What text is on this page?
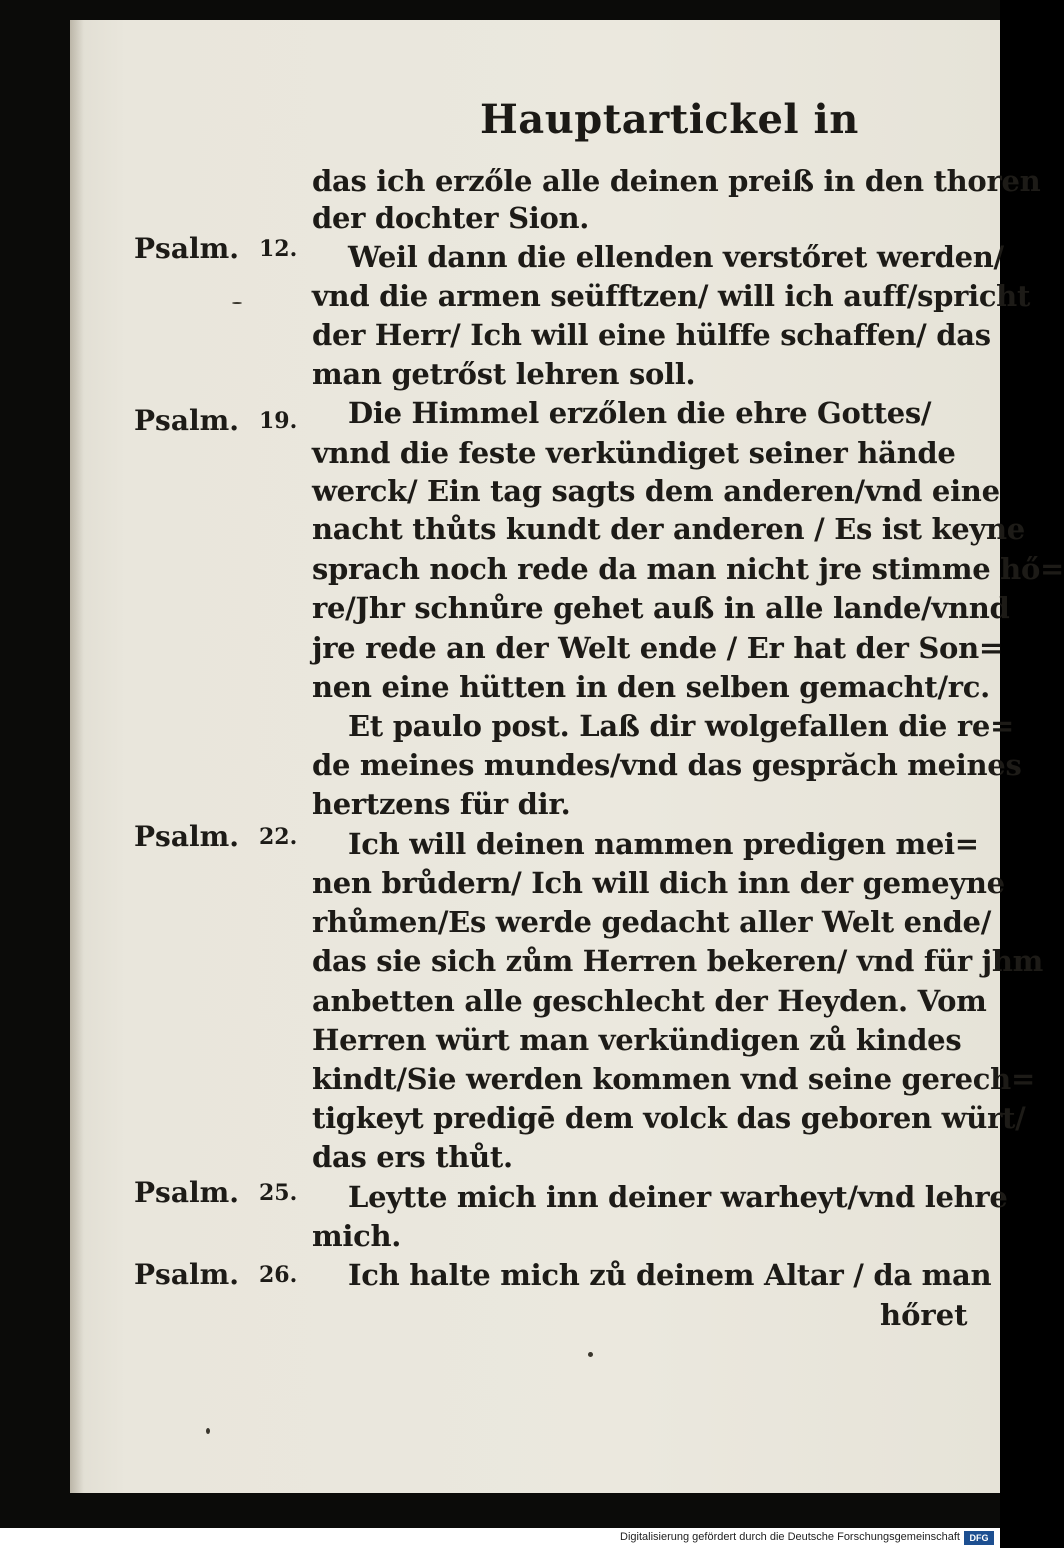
Hauptartickel in
das ich erzőle alle deinen preiß in den thoren
der dochter Sion.
Weil dann die ellenden verstőret werden/
vnd die armen seüfftzen/ will ich auff/spricht
der Herr/ Ich will eine hülffe schaffen/ das
man getrőst lehren soll.
Die Himmel erzőlen die ehre Gottes/
vnnd die feste verkündiget seiner hände
werck/ Ein tag sagts dem anderen/vnd eine
nacht thůts kundt der anderen / Es ist keyne
sprach noch rede da man nicht jre stimme hő=
re/Jhr schnůre gehet auß in alle lande/vnnd
jre rede an der Welt ende / Er hat der Son=
nen eine hütten in den selben gemacht/rc.
Et paulo post. Laß dir wolgefallen die re=
de meines mundes/vnd das gesprăch meines
hertzens für dir.
Ich will deinen nammen predigen mei=
nen brůdern/ Ich will dich inn der gemeyne
rhůmen/Es werde gedacht aller Welt ende/
das sie sich zům Herren bekeren/ vnd für jhm
anbetten alle geschlecht der Heyden. Vom
Herren würt man verkündigen zů kindes
kindt/Sie werden kommen vnd seine gerech=
tigkeyt predigē dem volck das geboren würt/
das ers thůt.
Leytte mich inn deiner warheyt/vnd lehre
mich.
Ich halte mich zů deinem Altar / da man
hőret
Psalm. 12.
Psalm. 19.
Psalm. 22.
Psalm. 25.
Psalm. 26.
Digitalisierung gefördert durch die Deutsche Forschungsgemeinschaft	DFG
